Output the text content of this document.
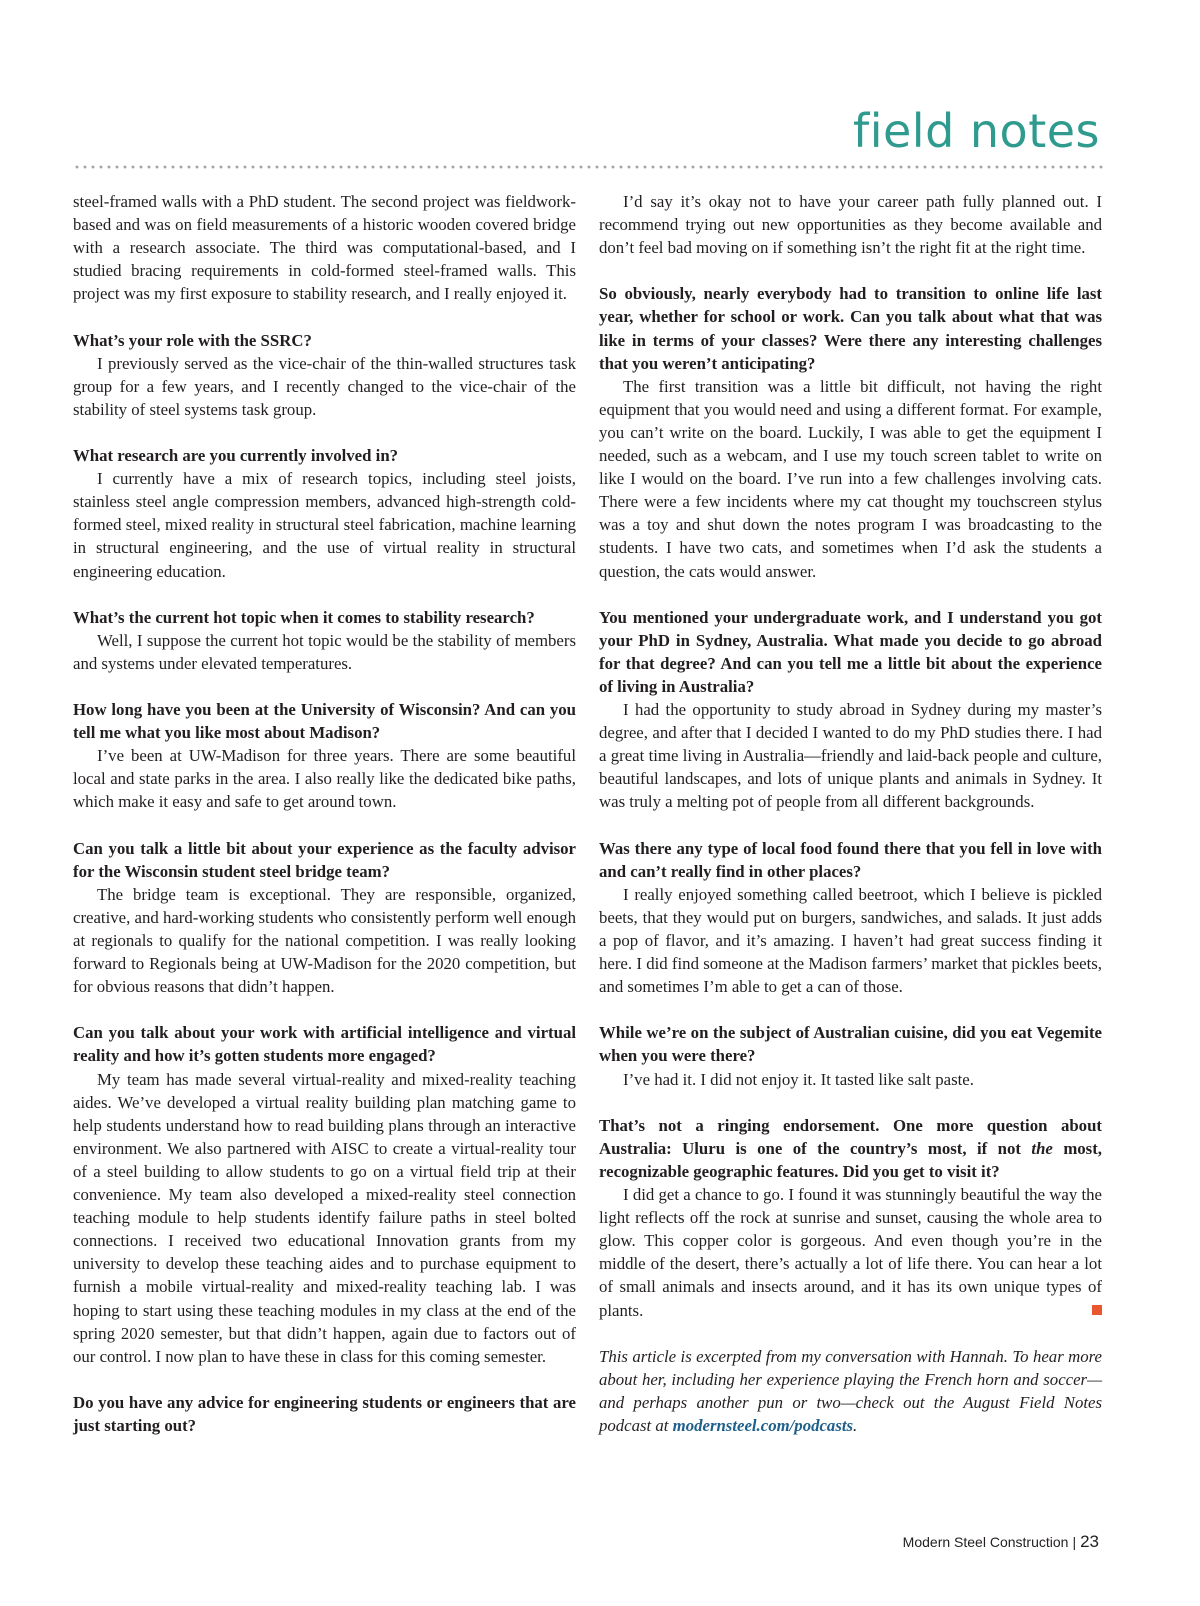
field notes

steel-framed walls with a PhD student. The second project was fieldwork-based and was on field measurements of a historic wooden covered bridge with a research associate. The third was computational-based, and I studied bracing requirements in cold-formed steel-framed walls. This project was my first exposure to stability research, and I really enjoyed it.

What’s your role with the SSRC?

I previously served as the vice-chair of the thin-walled structures task group for a few years, and I recently changed to the vice-chair of the stability of steel systems task group.

What research are you currently involved in?

I currently have a mix of research topics, including steel joists, stainless steel angle compression members, advanced high-strength cold-formed steel, mixed reality in structural steel fabrication, machine learning in structural engineering, and the use of virtual reality in structural engineering education.

What’s the current hot topic when it comes to stability research?

Well, I suppose the current hot topic would be the stability of members and systems under elevated temperatures.

How long have you been at the University of Wisconsin? And can you tell me what you like most about Madison?

I’ve been at UW-Madison for three years. There are some beautiful local and state parks in the area. I also really like the dedicated bike paths, which make it easy and safe to get around town.

Can you talk a little bit about your experience as the faculty advisor for the Wisconsin student steel bridge team?

The bridge team is exceptional. They are responsible, organized, creative, and hard-working students who consistently perform well enough at regionals to qualify for the national competition. I was really looking forward to Regionals being at UW-Madison for the 2020 competition, but for obvious reasons that didn’t happen.

Can you talk about your work with artificial intelligence and virtual reality and how it’s gotten students more engaged?

My team has made several virtual-reality and mixed-reality teaching aides. We’ve developed a virtual reality building plan matching game to help students understand how to read building plans through an interactive environment. We also partnered with AISC to create a virtual-reality tour of a steel building to allow students to go on a virtual field trip at their convenience. My team also developed a mixed-reality steel connection teaching module to help students identify failure paths in steel bolted connections. I received two educational Innovation grants from my university to develop these teaching aides and to purchase equipment to furnish a mobile virtual-reality and mixed-reality teaching lab. I was hoping to start using these teaching modules in my class at the end of the spring 2020 semester, but that didn’t happen, again due to factors out of our control. I now plan to have these in class for this coming semester.

Do you have any advice for engineering students or engineers that are just starting out?

I’d say it’s okay not to have your career path fully planned out. I recommend trying out new opportunities as they become available and don’t feel bad moving on if something isn’t the right fit at the right time.

So obviously, nearly everybody had to transition to online life last year, whether for school or work. Can you talk about what that was like in terms of your classes? Were there any interesting challenges that you weren’t anticipating?

The first transition was a little bit difficult, not having the right equipment that you would need and using a different format. For example, you can’t write on the board. Luckily, I was able to get the equipment I needed, such as a webcam, and I use my touch screen tablet to write on like I would on the board. I’ve run into a few challenges involving cats. There were a few incidents where my cat thought my touchscreen stylus was a toy and shut down the notes program I was broadcasting to the students. I have two cats, and sometimes when I’d ask the students a question, the cats would answer.

You mentioned your undergraduate work, and I understand you got your PhD in Sydney, Australia. What made you decide to go abroad for that degree? And can you tell me a little bit about the experience of living in Australia?

I had the opportunity to study abroad in Sydney during my master’s degree, and after that I decided I wanted to do my PhD studies there. I had a great time living in Australia—friendly and laid-back people and culture, beautiful landscapes, and lots of unique plants and animals in Sydney. It was truly a melting pot of people from all different backgrounds.

Was there any type of local food found there that you fell in love with and can’t really find in other places?

I really enjoyed something called beetroot, which I believe is pickled beets, that they would put on burgers, sandwiches, and salads. It just adds a pop of flavor, and it’s amazing. I haven’t had great success finding it here. I did find someone at the Madison farmers’ market that pickles beets, and sometimes I’m able to get a can of those.

While we’re on the subject of Australian cuisine, did you eat Vegemite when you were there?

I’ve had it. I did not enjoy it. It tasted like salt paste.

That’s not a ringing endorsement. One more question about Australia: Uluru is one of the country’s most, if not the most, recognizable geographic features. Did you get to visit it?

I did get a chance to go. I found it was stunningly beautiful the way the light reflects off the rock at sunrise and sunset, causing the whole area to glow. This copper color is gorgeous. And even though you’re in the middle of the desert, there’s actually a lot of life there. You can hear a lot of small animals and insects around, and it has its own unique types of plants.

This article is excerpted from my conversation with Hannah. To hear more about her, including her experience playing the French horn and soccer—and perhaps another pun or two—check out the August Field Notes podcast at modernsteel.com/podcasts.

Modern Steel Construction | 23
